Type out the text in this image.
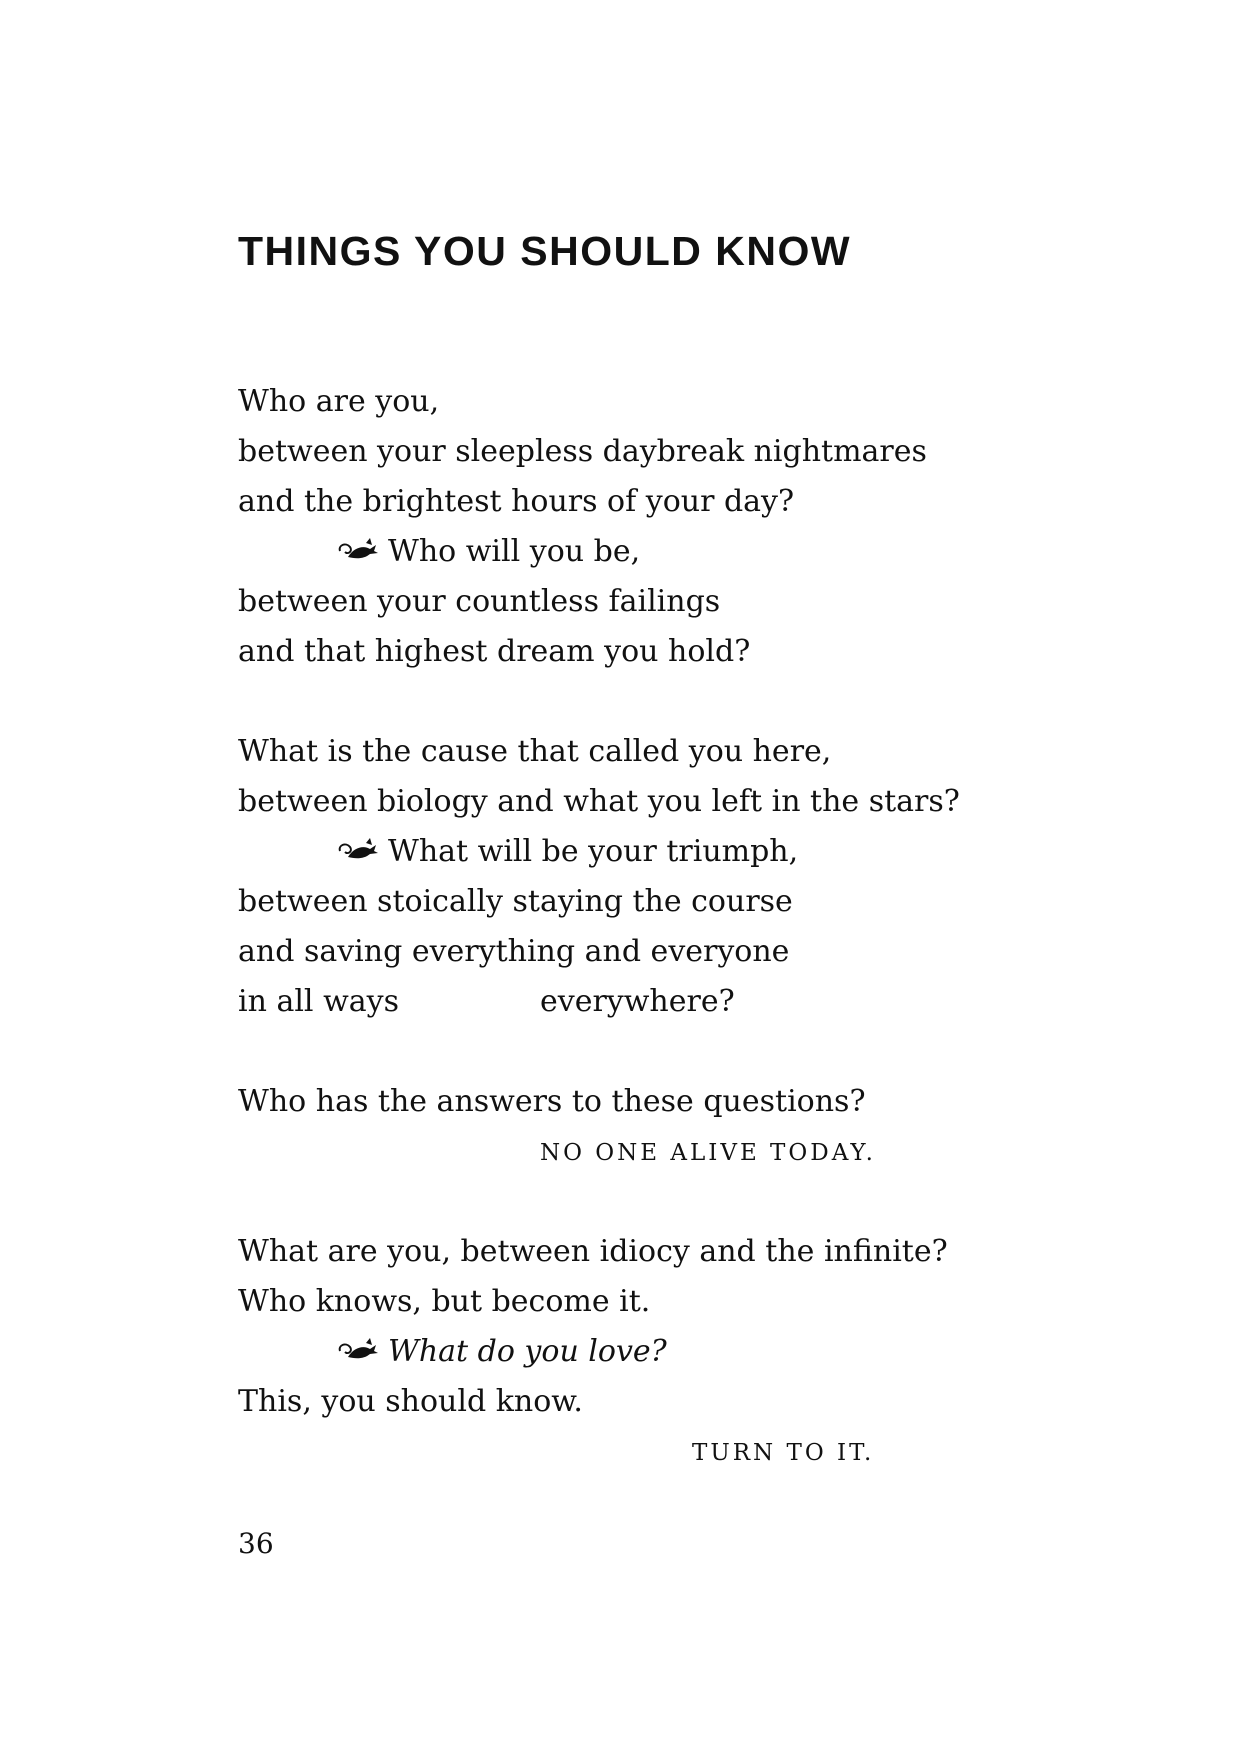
THINGS YOU SHOULD KNOW
Who are you,
between your sleepless daybreak nightmares
and the brightest hours of your day?
Who will you be,
between your countless failings
and that highest dream you hold?
What is the cause that called you here,
between biology and what you left in the stars?
What will be your triumph,
between stoically staying the course
and saving everything and everyone
in all ways	everywhere?
Who has the answers to these questions?
NO ONE ALIVE TODAY.
What are you, between idiocy and the infinite?
Who knows, but become it.
What do you love?
This, you should know.
TURN TO IT.
36
